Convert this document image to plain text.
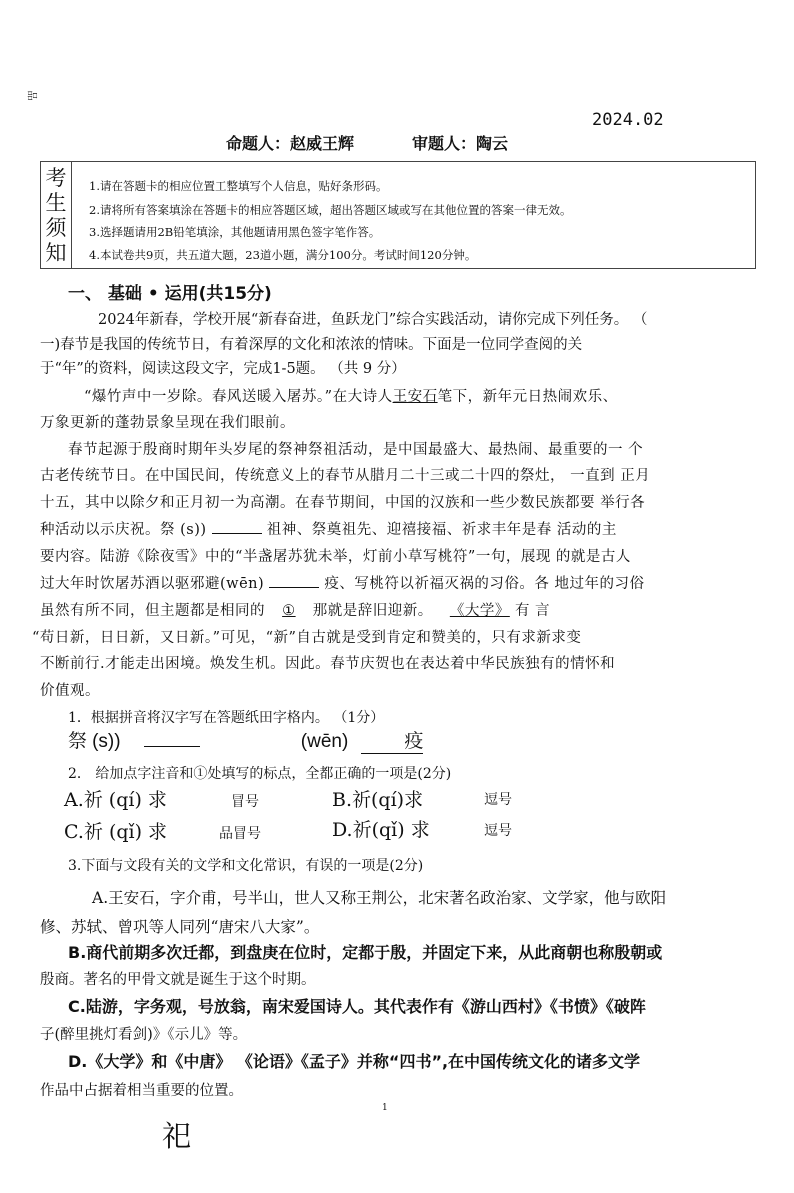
品
2024.02
命题人：赵威王辉	审题人：陶云
考
生
须
知
1.请在答题卡的相应位置工整填写个人信息，贴好条形码。
2.请将所有答案填涂在答题卡的相应答题区域，超出答题区域或写在其他位置的答案一律无效。
3.选择题请用2B铅笔填涂，其他题请用黑色签字笔作答。
4.本试卷共9页，共五道大题，23道小题，满分100分。考试时间120分钟。
一、 基础 • 运用(共15分)
2024年新春，学校开展“新春奋进，鱼跃龙门”综合实践活动，请你完成下列任务。 （
一)春节是我国的传统节日，有着深厚的文化和浓浓的情味。下面是一位同学查阅的关
于“年”的资料，阅读这段文字，完成1-5题。 （共 9 分）
“爆竹声中一岁除。春风送暖入屠苏。”在大诗人王安石笔下，新年元日热闹欢乐、
万象更新的蓬勃景象呈现在我们眼前。
春节起源于殷商时期年头岁尾的祭神祭祖活动，是中国最盛大、最热闹、最重要的一 个
古老传统节日。在中国民间，传统意义上的春节从腊月二十三或二十四的祭灶， 一直到 正月
十五，其中以除夕和正月初一为高潮。在春节期间，中国的汉族和一些少数民族都要 举行各
种活动以示庆祝。祭 (s))	祖神、祭奠祖先、迎禧接福、祈求丰年是春 活动的主
要内容。陆游《除夜雪》中的“半盏屠苏犹未举，灯前小草写桃符”一句，展现 的就是古人
过大年时饮屠苏酒以驱邪避(wēn)	疫、写桃符以祈福灭祸的习俗。各 地过年的习俗
虽然有所不同，但主题都是相同的 ① 那就是辞旧迎新。 《大学》 有 言
“苟日新，日日新，又日新。”可见，“新”自古就是受到肯定和赞美的，只有求新求变
不断前行.才能走出困境。焕发生机。因此。春节庆贺也在表达着中华民族独有的情怀和
价值观。
1．根据拼音将汉字写在答题纸田字格内。 （1分）
祭 (s))	(wēn)	疫
2． 给加点字注音和①处填写的标点，全都正确的一项是(2分)
A.祈 (qí) 求	冒号	B.祈(qí)求	逗号
C.祈 (qǐ) 求	品冒号	D.祈(qǐ) 求	逗号
3.下面与文段有关的文学和文化常识，有误的一项是(2分)
A.王安石，字介甫，号半山，世人又称王荆公，北宋著名政治家、文学家，他与欧阳
修、苏轼、曾巩等人同列“唐宋八大家”。
B.商代前期多次迁都，到盘庚在位时，定都于殷，并固定下来，从此商朝也称殷朝或
殷商。著名的甲骨文就是诞生于这个时期。
C.陆游，字务观，号放翁，南宋爱国诗人。其代表作有《游山西村》《书愤》《破阵
子(醉里挑灯看剑)》《示儿》等。
D.《大学》和《中唐》 《论语》《孟子》并称“四书”,在中国传统文化的诸多文学
作品中占据着相当重要的位置。
1
祀
